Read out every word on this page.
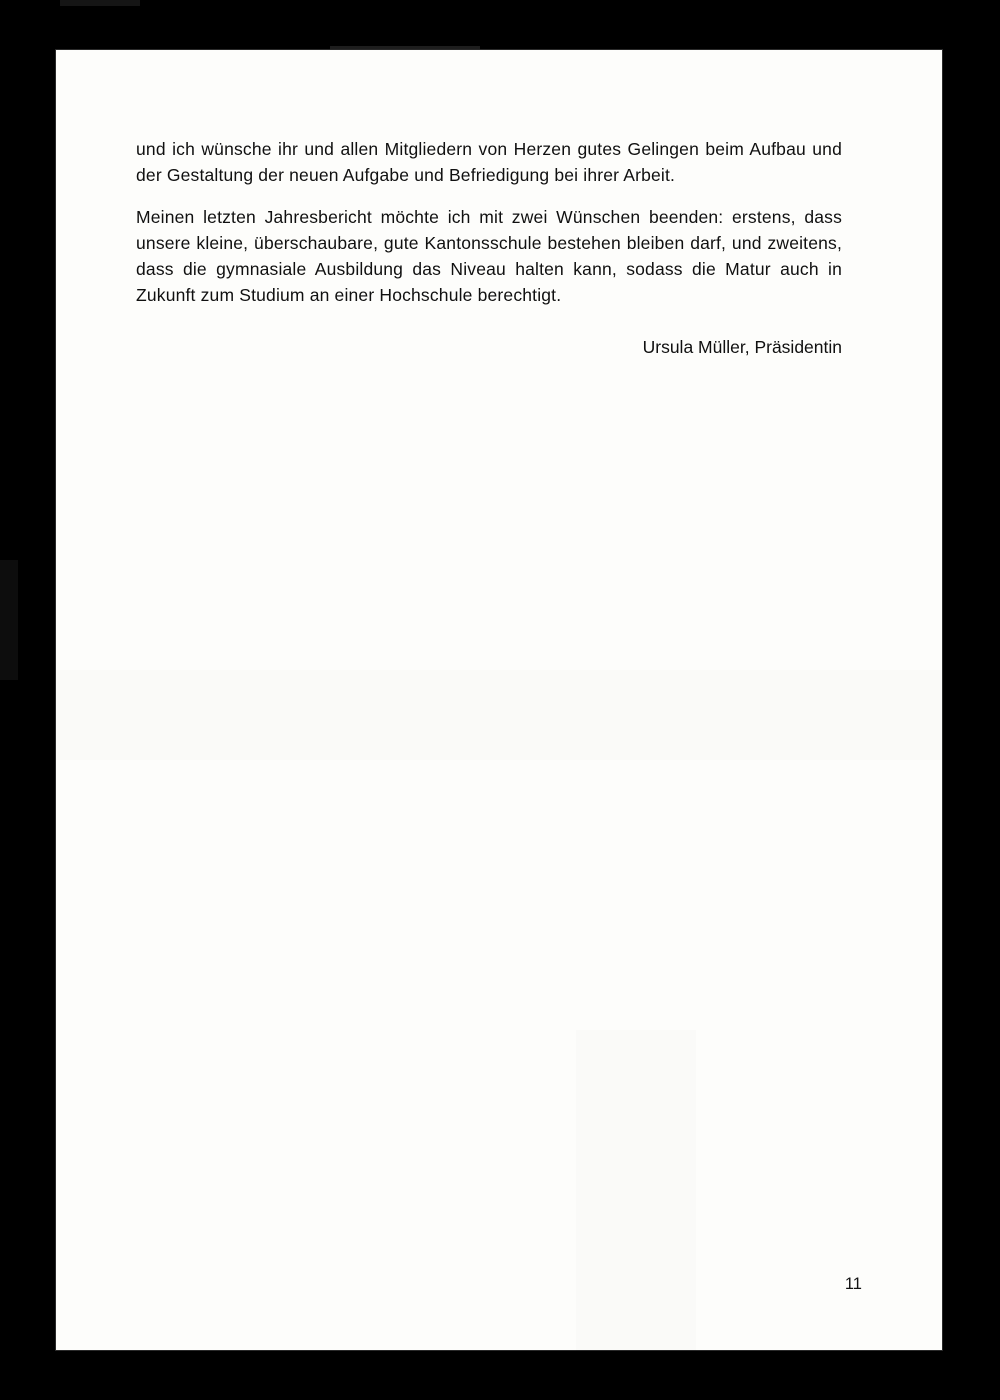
und ich wünsche ihr und allen Mitgliedern von Herzen gutes Gelingen beim Aufbau und der Gestaltung der neuen Aufgabe und Befriedigung bei ihrer Arbeit.

Meinen letzten Jahresbericht möchte ich mit zwei Wünschen beenden: erstens, dass unsere kleine, überschaubare, gute Kantonsschule bestehen bleiben darf, und zweitens, dass die gymnasiale Ausbildung das Niveau halten kann, sodass die Matur auch in Zukunft zum Studium an einer Hochschule berechtigt.

Ursula Müller, Präsidentin
11
